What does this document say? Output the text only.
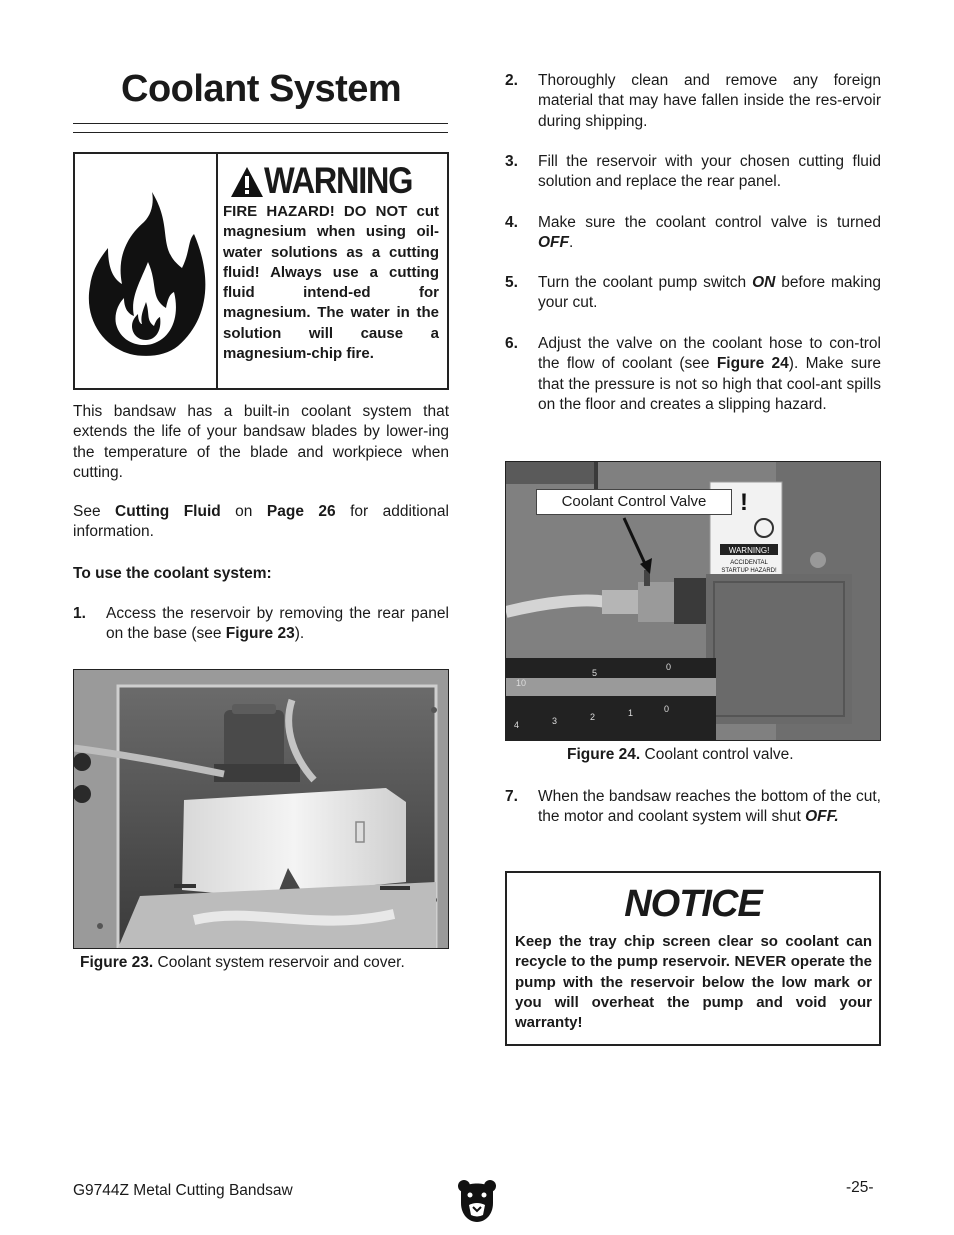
Coolant System
WARNING
FIRE HAZARD! DO NOT cut magnesium when using oil-water solutions as a cutting fluid! Always use a cutting fluid intend-ed for magnesium. The water in the solution will cause a magnesium-chip fire.
This bandsaw has a built-in coolant system that extends the life of your bandsaw blades by lower-ing the temperature of the blade and workpiece when cutting.
See Cutting Fluid on Page 26 for additional information.
To use the coolant system:
1. Access the reservoir by removing the rear panel on the base (see Figure 23).
Figure 23. Coolant system reservoir and cover.
2. Thoroughly clean and remove any foreign material that may have fallen inside the res-ervoir during shipping.
3. Fill the reservoir with your chosen cutting fluid solution and replace the rear panel.
4. Make sure the coolant control valve is turned OFF.
5. Turn the coolant pump switch ON before making your cut.
6. Adjust the valve on the coolant hose to con-trol the flow of coolant (see Figure 24). Make sure that the pressure is not so high that cool-ant spills on the floor and creates a slipping hazard.
!
WARNING!
ACCIDENTAL
STARTUP HAZARD!
10
5
0
4	3	2	1	0
Coolant Control Valve
Figure 24. Coolant control valve.
7. When the bandsaw reaches the bottom of the cut, the motor and coolant system will shut OFF.
NOTICE
Keep the tray chip screen clear so coolant can recycle to the pump reservoir. NEVER operate the pump with the reservoir below the low mark or you will overheat the pump and void your warranty!
G9744Z Metal Cutting Bandsaw	-25-
